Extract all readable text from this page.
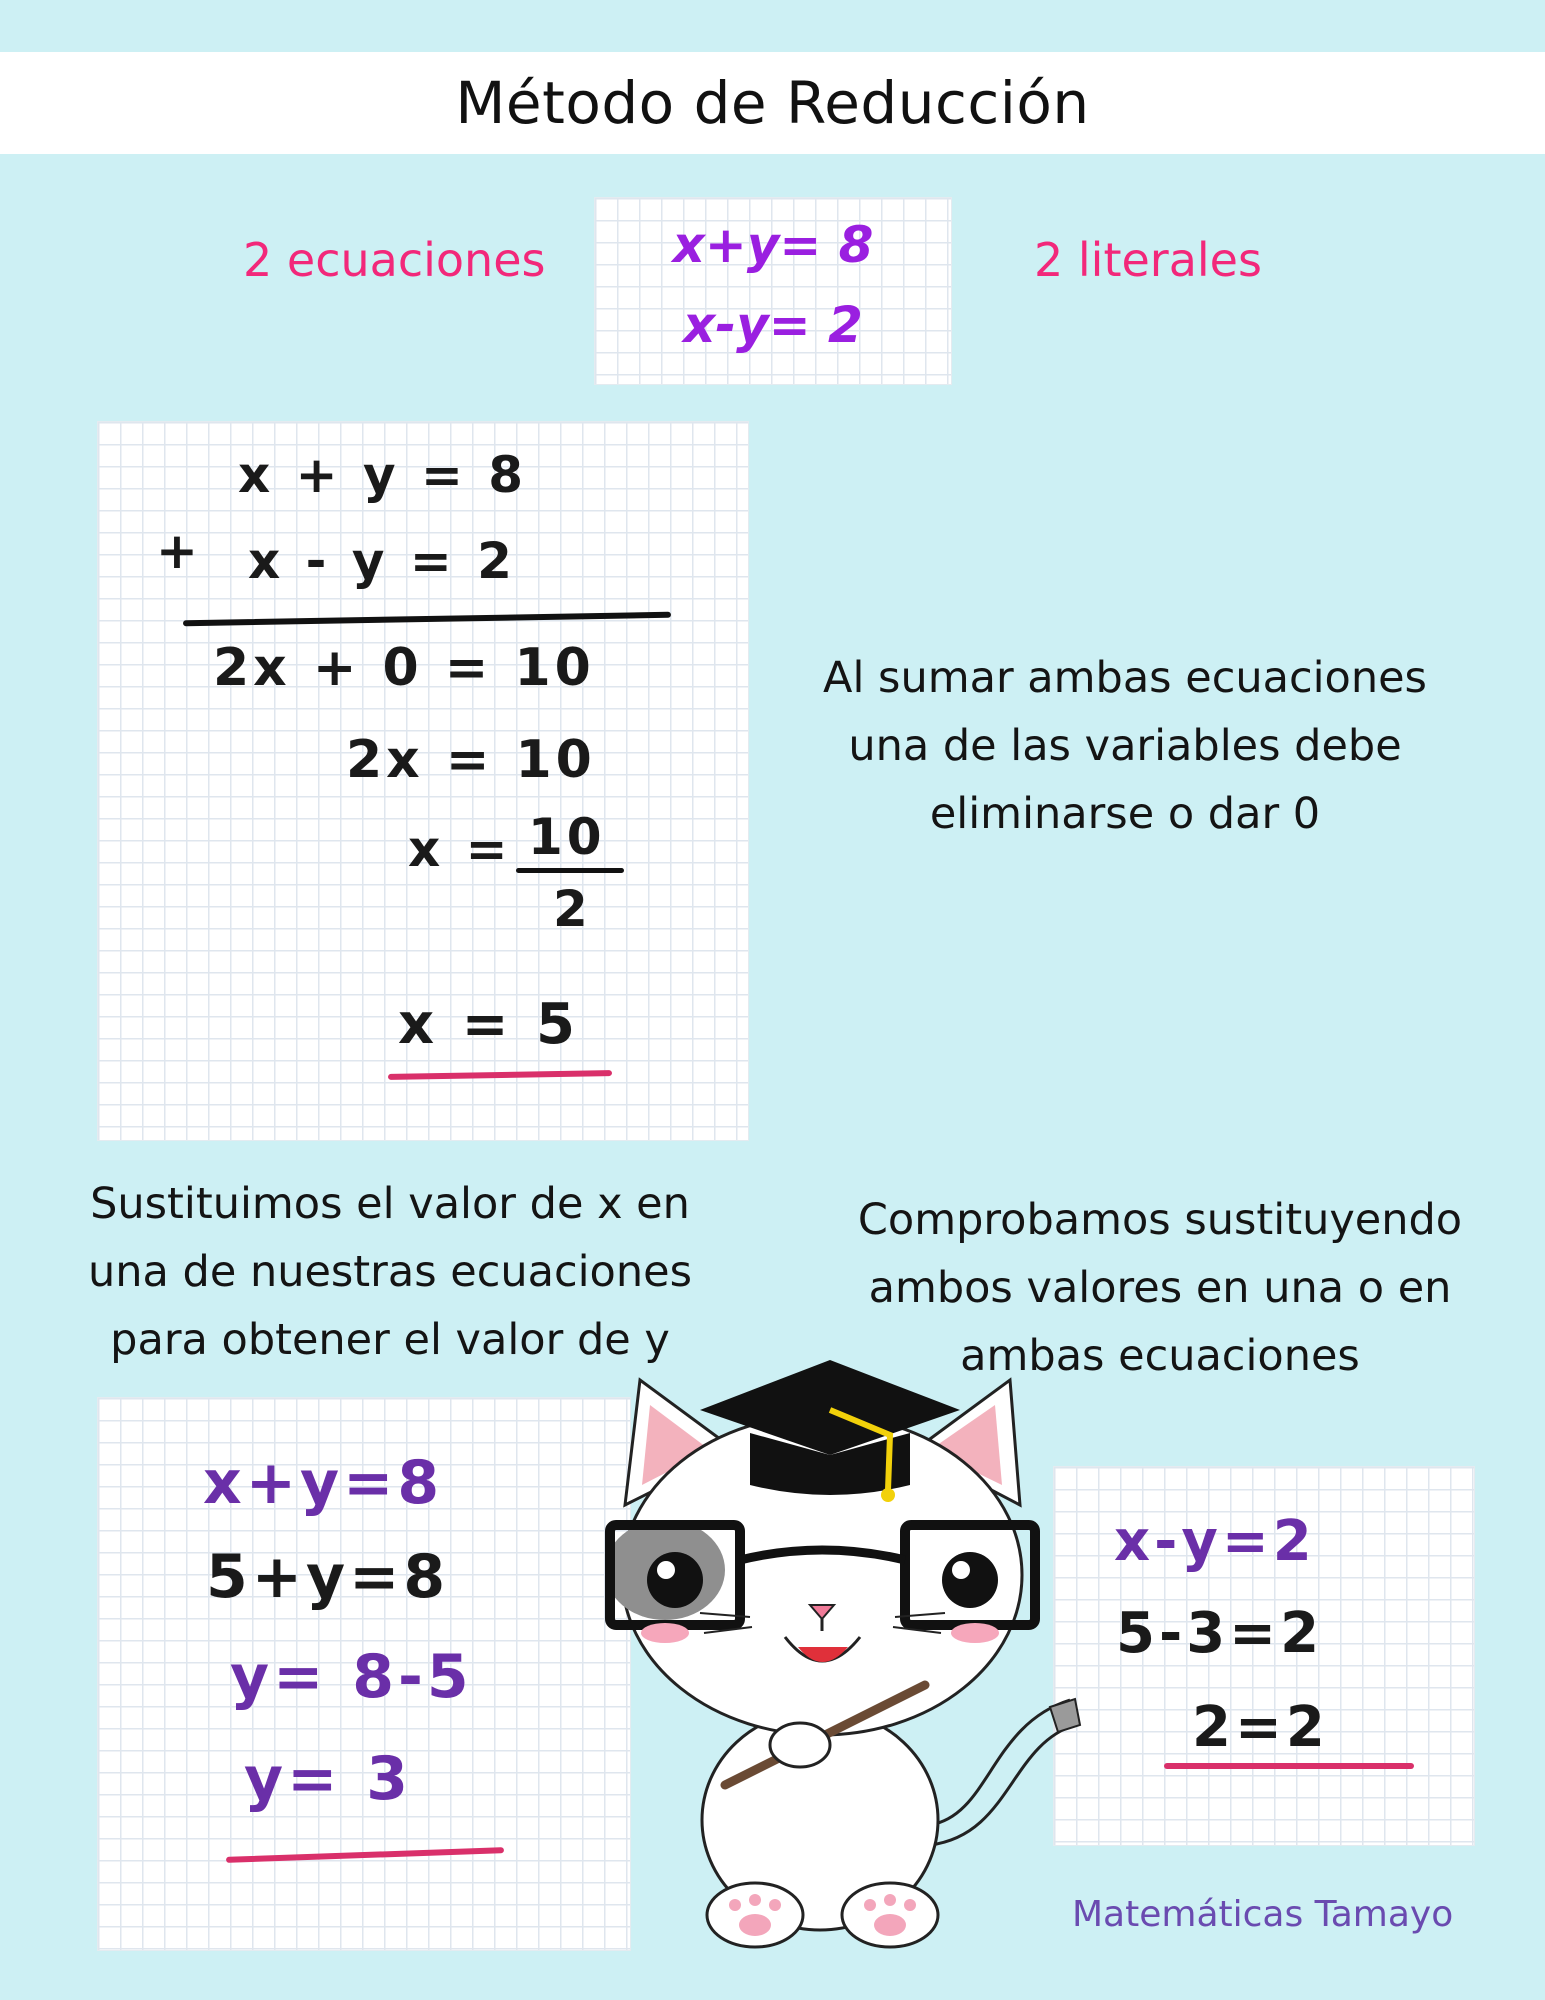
Método de Reducción
2 ecuaciones	x+y= 8
x-y= 2
2 literales
x + y = 8
+ x - y = 2
2x + 0 = 10
2x = 10
x = 10
2
x = 5
Al sumar ambas ecuaciones
una de las variables debe
eliminarse o dar 0
Sustituimos el valor de x en
una de nuestras ecuaciones
para obtener el valor de y
Comprobamos sustituyendo
ambos valores en una o en
ambas ecuaciones
x+y=8
5+y=8
y= 8-5
y= 3
x-y=2
5-3=2
2=2
Matemáticas Tamayo
